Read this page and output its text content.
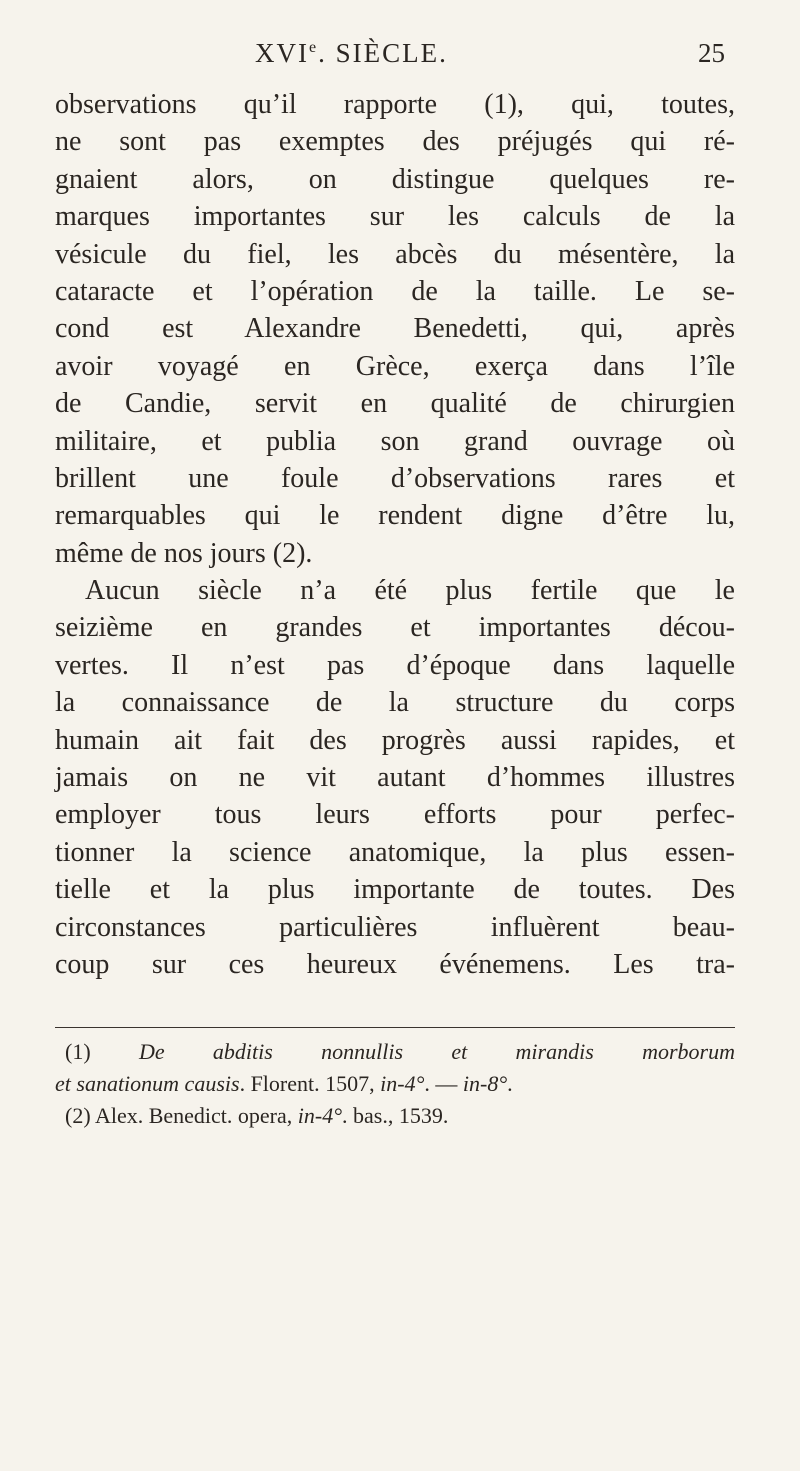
XVIe. SIÈCLE.	25
observations qu’il rapporte (1), qui, toutes,
ne sont pas exemptes des préjugés qui ré-
gnaient alors, on distingue quelques re-
marques importantes sur les calculs de la
vésicule du fiel, les abcès du mésentère, la
cataracte et l’opération de la taille. Le se-
cond est Alexandre Benedetti, qui, après
avoir voyagé en Grèce, exerça dans l’île
de Candie, servit en qualité de chirurgien
militaire, et publia son grand ouvrage où
brillent une foule d’observations rares et
remarquables qui le rendent digne d’être lu,
même de nos jours (2).
Aucun siècle n’a été plus fertile que le
seizième en grandes et importantes décou-
vertes. Il n’est pas d’époque dans laquelle
la connaissance de la structure du corps
humain ait fait des progrès aussi rapides, et
jamais on ne vit autant d’hommes illustres
employer tous leurs efforts pour perfec-
tionner la science anatomique, la plus essen-
tielle et la plus importante de toutes. Des
circonstances particulières influèrent beau-
coup sur ces heureux événemens. Les tra-
(1) De abditis nonnullis et mirandis morborum
et sanationum causis. Florent. 1507, in-4°. — in-8°.
(2) Alex. Benedict. opera, in-4°. bas., 1539.
